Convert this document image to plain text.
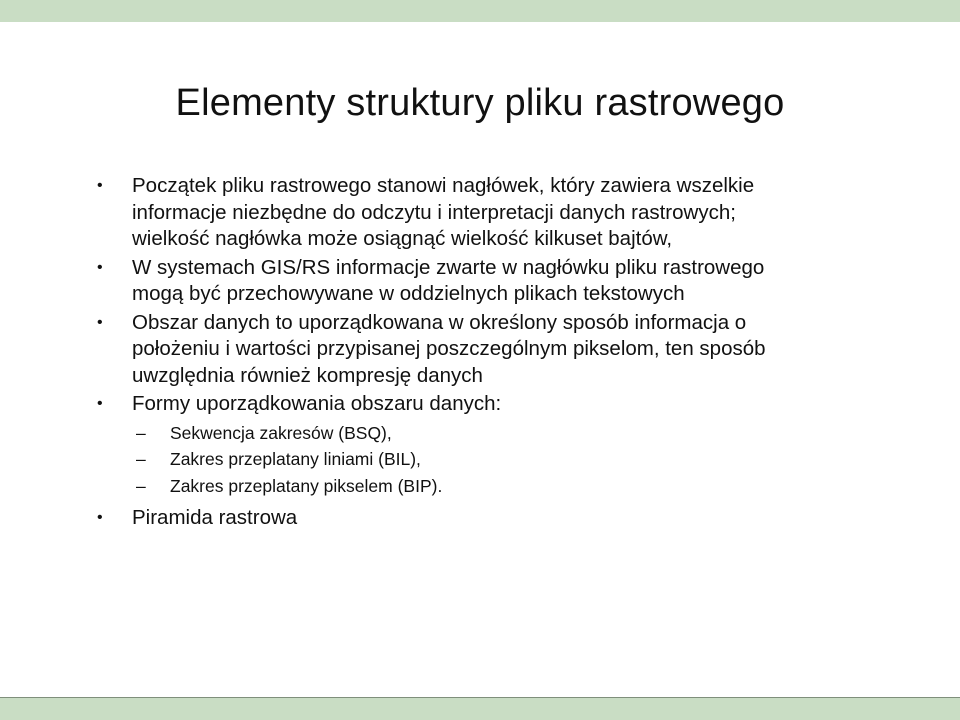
Elementy struktury pliku rastrowego
• Początek pliku rastrowego stanowi nagłówek, który zawiera wszelkie
informacje niezbędne do odczytu i interpretacji danych rastrowych;
wielkość nagłówka może osiągnąć wielkość kilkuset bajtów,
• W systemach GIS/RS informacje zwarte w nagłówku pliku rastrowego
mogą być przechowywane w oddzielnych plikach tekstowych
• Obszar danych to uporządkowana w określony sposób informacja o
położeniu i wartości przypisanej poszczególnym pikselom, ten sposób
uwzględnia również kompresję danych
• Formy uporządkowania obszaru danych:
– Sekwencja zakresów (BSQ),
– Zakres przeplatany liniami (BIL),
– Zakres przeplatany pikselem (BIP).
• Piramida rastrowa
